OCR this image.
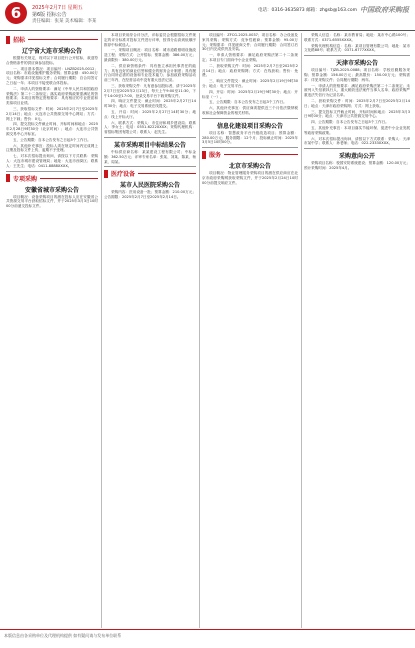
6	2025年2月7日 星期五
第6版 招标公告
责任编辑：张某 美术编辑：李某
电话：0316-3635873 邮箱：zhgsb@163.com 中国政府采购报
招标
辽宁省大连市采购公告

根据有关规定，现对以下项目进行公开招标，欢迎符合资格条件的供应商参加投标。

一、项目基本情况：项目编号：LNZB2025-0012；项目名称：市政设施维护服务采购；预算金额：450.00万元；采购需求详见招标文件；合同履行期限：自合同签订之日起一年；本项目不接受联合体投标。

二、申请人的资格要求：满足《中华人民共和国政府采购法》第二十二条规定；落实政府采购政策需满足的资格要求；本项目的特定资格要求：具有相应的专业资质和类似项目业绩。

三、获取招标文件：时间：2025年2月7日至2025年2月14日；地点：大连市公共资源交易中心网站；方式：网上下载；售价：0元。

四、提交投标文件截止时间、开标时间和地点：2025年2月28日9时30分（北京时间）；地点：大连市公共资源交易中心开标室。

五、公告期限：自本公告发布之日起5个工作日。

六、其他补充事宜：投标人须在规定时间内完成网上注册及投标文件上传，逾期不予受理。

七、对本次招标提出询问，请按以下方式联系：采购人：大连市城市建设管理局；地址：大连市西岗区；联系人：王先生；电话：0411-8888XXXX。

专项采购
安徽省城市采购公告

项目概况：设备采购项目的潜在投标人应在安徽省公共资源交易平台获取招标文件，并于2025年3月3日10时00分前递交投标文件。

本项目采用综合评分法，评标委员会根据招标文件规定的评分标准对投标文件进行评审，按得分由高到低顺序推荐中标候选人。

一、采购项目概况：项目名称：城市道路照明设施改造工程；采购方式：公开招标；预算金额：386.00万元；最高限价：380.00万元。

二、供应商资格条件：具有独立承担民事责任的能力；具有良好的商业信誉和健全的财务会计制度；具有履行合同所必需的设备和专业技术能力；参加政府采购活动前三年内，在经营活动中没有重大违法记录。

三、获取采购文件：凡有意参加投标者，请于2025年2月7日至2025年2月13日，每天上午9:00至11:30，下午14:00至17:00，登录交易平台下载采购文件。

四、响应文件提交：截止时间：2025年2月27日14时30分；地点：电子交易系统在线提交。

五、开启：时间：2025年2月27日14时30分；地点：线上开标大厅。

六、联系方式：采购人：市住房和城乡建设局；联系人：李女士；电话：0551-6222XXXX；采购代理机构：省招标集团有限公司；联系人：赵先生。

某市采购项目中标结果公告

中标供应商名称：某某建设工程有限公司；中标金额：362.50万元；评审专家名单：张某、刘某、陈某、杨某、周某。

医疗设备
某市人民医院采购公告

采购内容：医用设备一批；预算金额：210.00万元；公告期限：2025年2月7日至2025年2月14日。

项目编号：ZFCG-2025-0037；项目名称：办公设备及家具采购；采购方式：竞争性磋商；预算金额：95.00万元；采购需求：详见磋商文件；合同履行期限：合同签订后30日内完成供货及安装。

一、申请人资格要求：满足政府采购法第二十二条规定；本项目专门面向中小企业采购。

二、获取采购文件：时间：2025年2月7日至2025年2月14日；地点：政府采购网；方式：在线获取；售价：免费。

三、响应文件提交：截止时间：2025年2月19日9时30分；地点：电子交易平台。

四、开启：时间：2025年2月19日9时30分；地点：开标室（一）。

五、公告期限：自本公告发布之日起3个工作日。

六、其他补充事宜：供应商须提供近三个月依法缴纳税收和社会保障资金的相关材料。

信息化建设项目采购公告

项目名称：智慧政务平台升级改造项目；预算金额：280.00万元；服务期限：12个月；投标截止时间：2025年3月5日10时00分。

服务
北京市采购公告

项目概况：物业管理服务采购项目的潜在供应商应在北京市政府采购网获取采购文件，并于2025年2月24日10时00分前提交响应文件。

采购人信息：名称：某市教育局；地址：某市中心路100号；联系方式：0371-6555XXXX。

采购代理机构信息：名称：某项目管理有限公司；地址：某市文化路88号；联系方式：0371-6777XXXX。

天津市采购公告

项目编号：TJZB-2025-0088；项目名称：学校后勤服务采购；预算金额：156.00万元；最高限价：150.00万元；采购需求：详见采购文件；合同履行期限：两年。

一、申请人的资格要求：满足政府采购法第二十二条规定；未被列入失信被执行人、重大税收违法案件当事人名单、政府采购严重违法失信行为记录名单。

二、获取采购文件：时间：2025年2月7日至2025年2月14日；地点：天津市政府采购网；方式：网上获取。

三、提交投标文件截止时间、开标时间和地点：2025年3月3日9时00分；地点：天津市公共资源交易中心。

四、公告期限：自本公告发布之日起5个工作日。

五、其他补充事宜：本项目落实节能环保、促进中小企业发展等政府采购政策。

六、对本次招标提出询问，请按以下方式联系：采购人：天津市某中学；联系人：孙老师；电话：022-2333XXXX。

采购意向公开

采购项目名称：校园安防系统建设；预算金额：120.00万元；预计采购时间：2025年4月。

本版信息由各采购单位及代理机构提供 如有疑问请与发布单位联系
